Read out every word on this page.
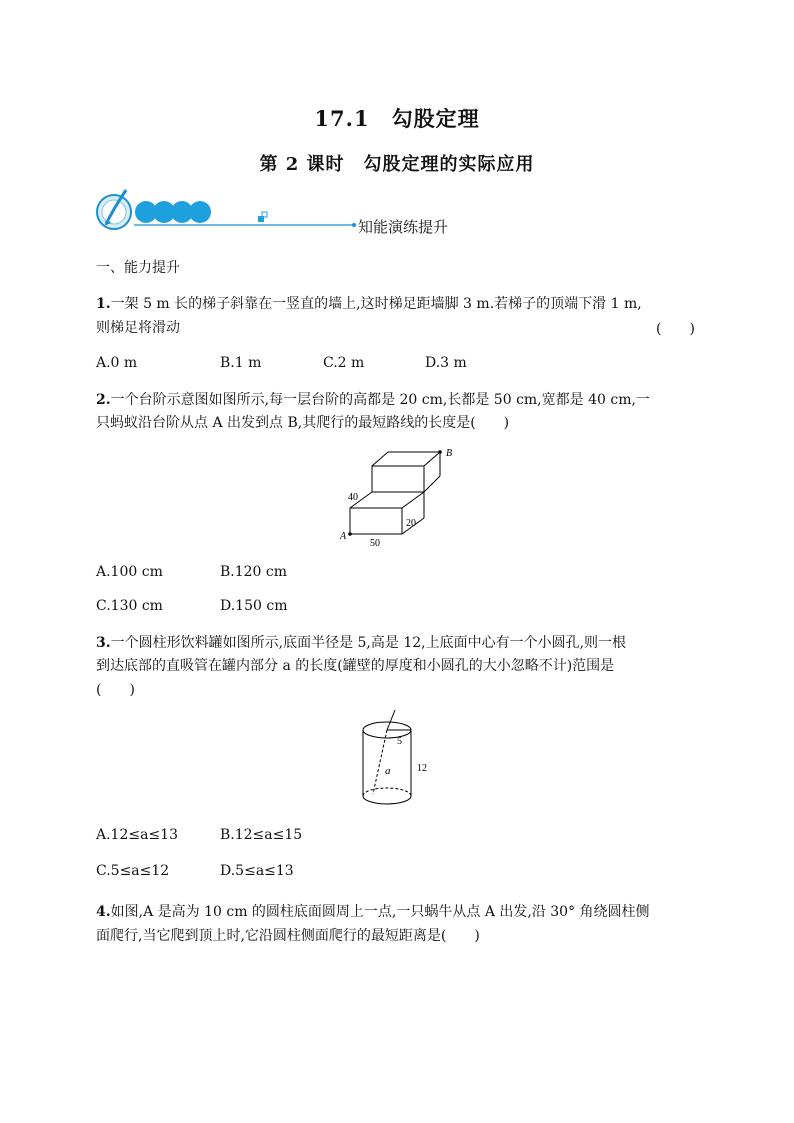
17.1　勾股定理
第 2 课时　勾股定理的实际应用
知能演练提升
一、能力提升
1.一架 5 m 长的梯子斜靠在一竖直的墙上,这时梯足距墙脚 3 m.若梯子的顶端下滑 1 m,
则梯足将滑动	(　　)
A.0 m	B.1 m	C.2 m	D.3 m
2.一个台阶示意图如图所示,每一层台阶的高都是 20 cm,长都是 50 cm,宽都是 40 cm,一
只蚂蚁沿台阶从点 A 出发到点 B,其爬行的最短路线的长度是(　　)
B
A
40
20
50
A.100 cm	B.120 cm
C.130 cm	D.150 cm
3.一个圆柱形饮料罐如图所示,底面半径是 5,高是 12,上底面中心有一个小圆孔,则一根
到达底部的直吸管在罐内部分 a 的长度(罐壁的厚度和小圆孔的大小忽略不计)范围是
(　　)
5
a	12
A.12≤a≤13	B.12≤a≤15
C.5≤a≤12	D.5≤a≤13
4.如图,A 是高为 10 cm 的圆柱底面圆周上一点,一只蜗牛从点 A 出发,沿 30° 角绕圆柱侧
面爬行,当它爬到顶上时,它沿圆柱侧面爬行的最短距离是(　　)
